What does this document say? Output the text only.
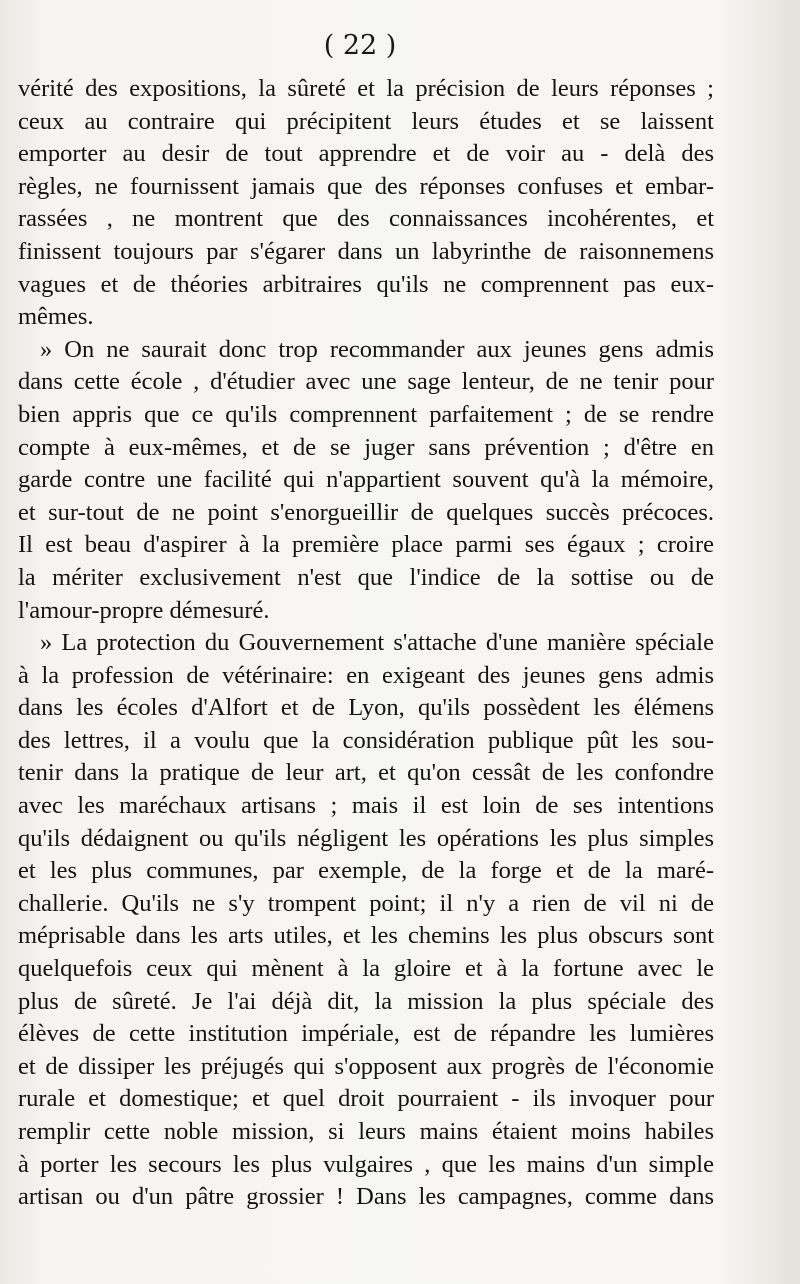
( 22 )
vérité des expositions, la sûreté et la précision de leurs réponses ;
ceux au contraire qui précipitent leurs études et se laissent
emporter au desir de tout apprendre et de voir au - delà des
règles, ne fournissent jamais que des réponses confuses et embar-
rassées , ne montrent que des connaissances incohérentes, et
finissent toujours par s'égarer dans un labyrinthe de raisonnemens
vagues et de théories arbitraires qu'ils ne comprennent pas eux-
mêmes.
» On ne saurait donc trop recommander aux jeunes gens admis
dans cette école , d'étudier avec une sage lenteur, de ne tenir pour
bien appris que ce qu'ils comprennent parfaitement ; de se rendre
compte à eux-mêmes, et de se juger sans prévention ; d'être en
garde contre une facilité qui n'appartient souvent qu'à la mémoire,
et sur-tout de ne point s'enorgueillir de quelques succès précoces.
Il est beau d'aspirer à la première place parmi ses égaux ; croire
la mériter exclusivement n'est que l'indice de la sottise ou de
l'amour-propre démesuré.
» La protection du Gouvernement s'attache d'une manière spéciale
à la profession de vétérinaire: en exigeant des jeunes gens admis
dans les écoles d'Alfort et de Lyon, qu'ils possèdent les élémens
des lettres, il a voulu que la considération publique pût les sou-
tenir dans la pratique de leur art, et qu'on cessât de les confondre
avec les maréchaux artisans ; mais il est loin de ses intentions
qu'ils dédaignent ou qu'ils négligent les opérations les plus simples
et les plus communes, par exemple, de la forge et de la maré-
challerie. Qu'ils ne s'y trompent point; il n'y a rien de vil ni de
méprisable dans les arts utiles, et les chemins les plus obscurs sont
quelquefois ceux qui mènent à la gloire et à la fortune avec le
plus de sûreté. Je l'ai déjà dit, la mission la plus spéciale des
élèves de cette institution impériale, est de répandre les lumières
et de dissiper les préjugés qui s'opposent aux progrès de l'économie
rurale et domestique; et quel droit pourraient - ils invoquer pour
remplir cette noble mission, si leurs mains étaient moins habiles
à porter les secours les plus vulgaires , que les mains d'un simple
artisan ou d'un pâtre grossier ! Dans les campagnes, comme dans
